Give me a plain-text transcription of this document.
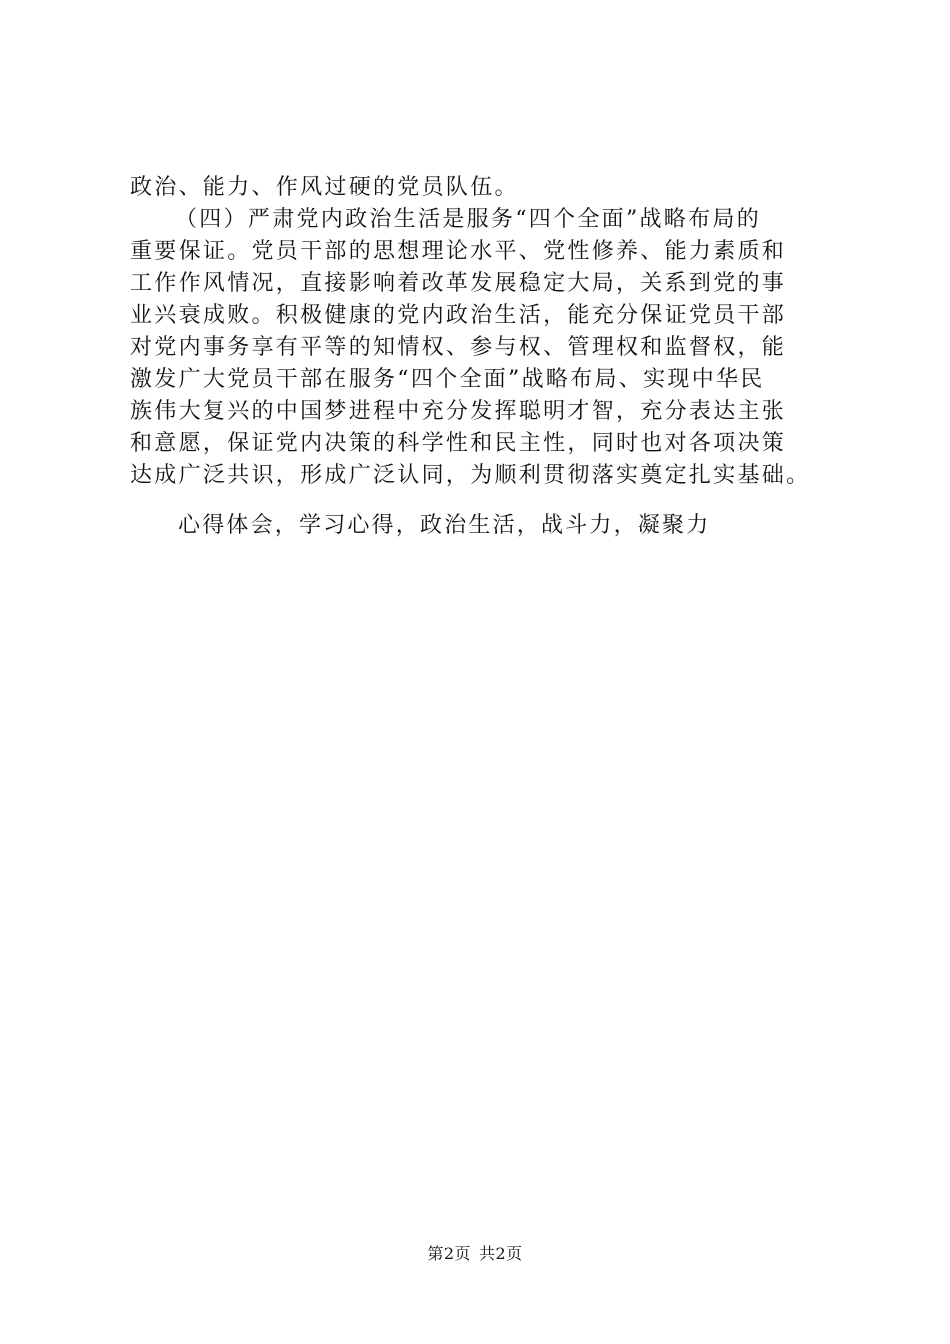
政治、能力、作风过硬的党员队伍。
（四）严肃党内政治生活是服务“四个全面”战略布局的
重要保证。党员干部的思想理论水平、党性修养、能力素质和
工作作风情况，直接影响着改革发展稳定大局，关系到党的事
业兴衰成败。积极健康的党内政治生活，能充分保证党员干部
对党内事务享有平等的知情权、参与权、管理权和监督权，能
激发广大党员干部在服务“四个全面”战略布局、实现中华民
族伟大复兴的中国梦进程中充分发挥聪明才智，充分表达主张
和意愿，保证党内决策的科学性和民主性，同时也对各项决策
达成广泛共识，形成广泛认同，为顺利贯彻落实奠定扎实基础。
心得体会，学习心得，政治生活，战斗力，凝聚力
第2页 共2页
